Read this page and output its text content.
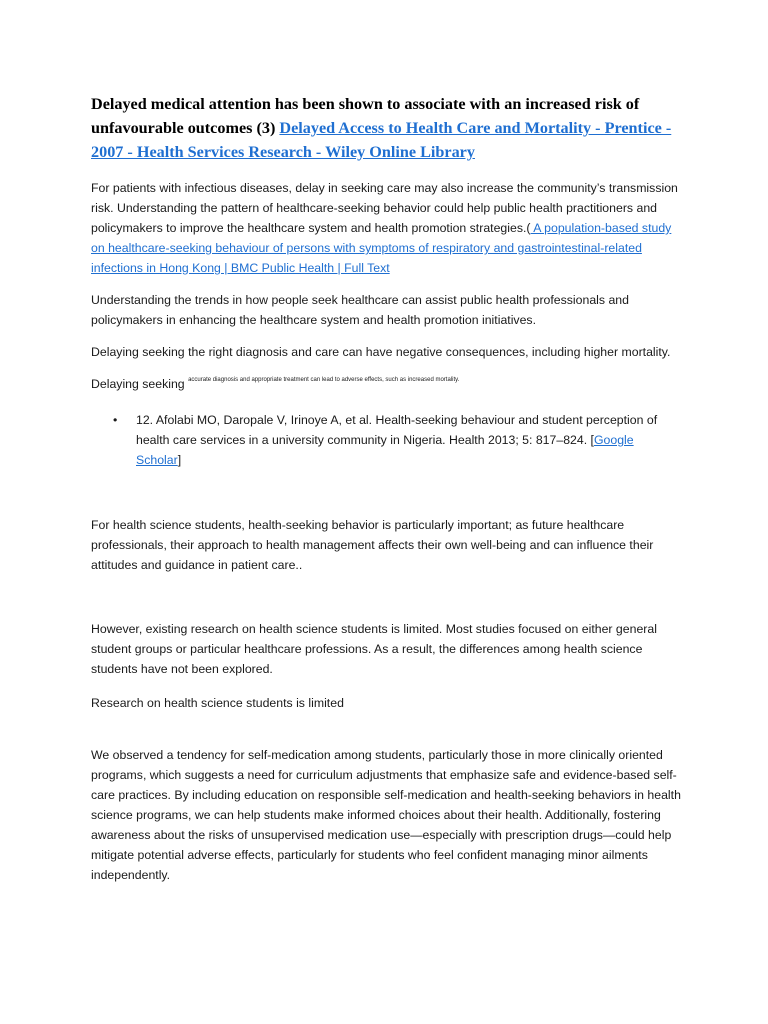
Delayed medical attention has been shown to associate with an increased risk of unfavourable outcomes (3) Delayed Access to Health Care and Mortality - Prentice - 2007 - Health Services Research - Wiley Online Library

For patients with infectious diseases, delay in seeking care may also increase the community’s transmission risk. Understanding the pattern of healthcare-seeking behavior could help public health practitioners and policymakers to improve the healthcare system and health promotion strategies.( A population-based study on healthcare-seeking behaviour of persons with symptoms of respiratory and gastrointestinal-related infections in Hong Kong | BMC Public Health | Full Text

Understanding the trends in how people seek healthcare can assist public health professionals and policymakers in enhancing the healthcare system and health promotion initiatives.

Delaying seeking the right diagnosis and care can have negative consequences, including higher mortality.

Delaying seeking $^{accurate diagnosis and appropriate treatment can lead to adverse effects, such as increased mortality.}$

• 12. Afolabi MO, Daropale V, Irinoye A, et al. Health-seeking behaviour and student perception of health care services in a university community in Nigeria. Health 2013; 5: 817–824. [Google Scholar]

For health science students, health-seeking behavior is particularly important; as future healthcare professionals, their approach to health management affects their own well-being and can influence their attitudes and guidance in patient care..

However, existing research on health science students is limited. Most studies focused on either general student groups or particular healthcare professions. As a result, the differences among health science students have not been explored.

Research on health science students is limited

We observed a tendency for self-medication among students, particularly those in more clinically oriented programs, which suggests a need for curriculum adjustments that emphasize safe and evidence-based self-care practices. By including education on responsible self-medication and health-seeking behaviors in health science programs, we can help students make informed choices about their health. Additionally, fostering awareness about the risks of unsupervised medication use—especially with prescription drugs—could help mitigate potential adverse effects, particularly for students who feel confident managing minor ailments independently.
